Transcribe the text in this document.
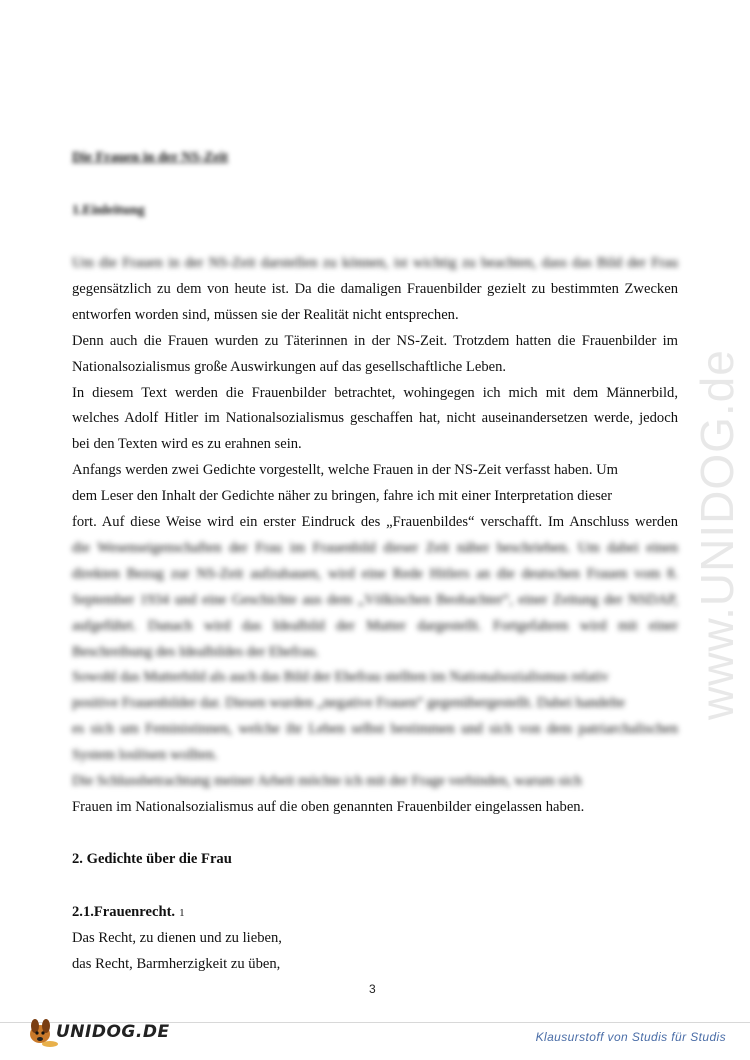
www.UNIDOG.de
Die Frauen in der NS-Zeit
1.Einleitung
Um die Frauen in der NS-Zeit darstellen zu können, ist wichtig zu beachten, dass das Bild der Frau
gegensätzlich zu dem von heute ist. Da die damaligen Frauenbilder gezielt zu bestimmten Zwecken
entworfen worden sind, müssen sie der Realität nicht entsprechen.
Denn auch die Frauen wurden zu Täterinnen in der NS-Zeit. Trotzdem hatten die Frauenbilder im
Nationalsozialismus große Auswirkungen auf das gesellschaftliche Leben.
In diesem Text werden die Frauenbilder betrachtet, wohingegen ich mich mit dem Männerbild,
welches Adolf Hitler im Nationalsozialismus geschaffen hat, nicht auseinandersetzen werde, jedoch
bei den Texten wird es zu erahnen sein.
Anfangs werden zwei Gedichte vorgestellt, welche Frauen in der NS-Zeit verfasst haben. Um
dem Leser den Inhalt der Gedichte näher zu bringen, fahre ich mit einer Interpretation dieser
fort. Auf diese Weise wird ein erster Eindruck des „Frauenbildes“ verschafft. Im Anschluss werden
die Wesenseigenschaften der Frau im Frauenbild dieser Zeit näher beschrieben. Um dabei einen
direkten Bezug zur NS-Zeit aufzubauen, wird eine Rede Hitlers an die deutschen Frauen vom 8.
September 1934 und eine Geschichte aus dem „Völkischen Beobachter“, einer Zeitung der NSDAP,
aufgeführt. Danach wird das Idealbild der Mutter dargestellt. Fortgefahren wird mit einer
Beschreibung des Idealbildes der Ehefrau.
Sowohl das Mutterbild als auch das Bild der Ehefrau stellten im Nationalsozialismus relativ
positive Frauenbilder dar. Diesen wurden „negative Frauen“ gegenübergestellt. Dabei handelte
es sich um Feministinnen, welche ihr Leben selbst bestimmen und sich von dem patriarchalischen
System loslösen wollten.
Die Schlussbetrachtung meiner Arbeit möchte ich mit der Frage verbinden, warum sich
Frauen im Nationalsozialismus auf die oben genannten Frauenbilder eingelassen haben.
2. Gedichte über die Frau
2.1.Frauenrecht. 1
Das Recht, zu dienen und zu lieben,
das Recht, Barmherzigkeit zu üben,
3
UNIDOG.DE	Klausurstoff von Studis für Studis
